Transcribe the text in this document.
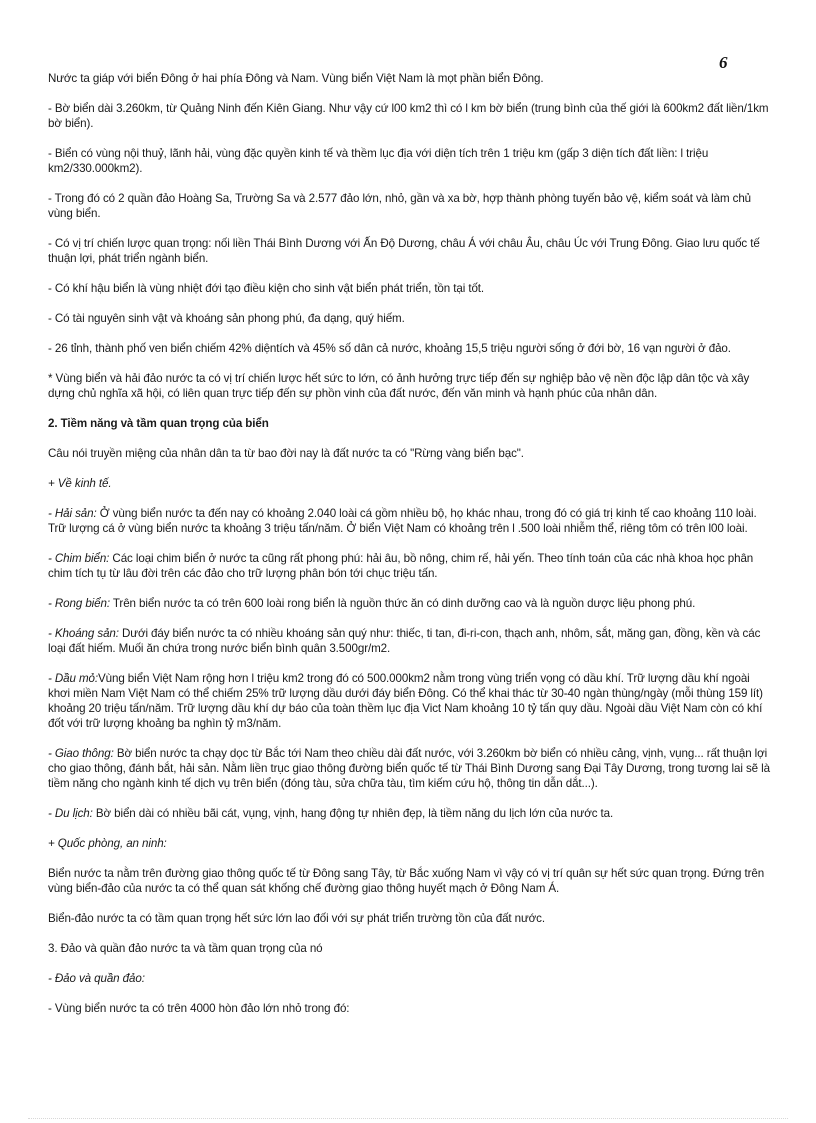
6

Nước ta giáp với biển Đông ở hai phía Đông và Nam. Vùng biển Việt Nam là mọt phần biển Đông.

- Bờ biển dài 3.260km, từ Quảng Ninh đến Kiên Giang. Như vậy cứ l00 km2 thì có l km bờ biển (trung bình của thế giới là 600km2 đất liền/1km bờ biển).

- Biển có vùng nội thuỷ, lãnh hải, vùng đặc quyền kinh tế và thềm lục địa với diện tích trên 1 triệu km (gấp 3 diện tích đất liền: l triệu km2/330.000km2).

- Trong đó có 2 quần đảo Hoàng Sa, Trường Sa và 2.577 đảo lớn, nhỏ, gần và xa bờ, hợp thành phòng tuyến bảo vệ, kiểm soát và làm chủ vùng biển.

- Có vị trí chiến lược quan trọng: nối liền Thái Bình Dương với Ấn Độ Dương, châu Á với châu Âu, châu Úc với Trung Đông. Giao lưu quốc tế thuận lợi, phát triển ngành biển.

- Có khí hậu biển là vùng nhiệt đới tạo điều kiện cho sinh vật biển phát triển, tồn tại tốt.

- Có tài nguyên sinh vật và khoáng sản phong phú, đa dạng, quý hiếm.

- 26 tỉnh, thành phố ven biển chiếm 42% diệntích và 45% số dân cả nước, khoảng 15,5 triệu người sống ở đới bờ, 16 vạn người ở đảo.

* Vùng biển và hải đảo nước ta có vị trí chiến lược hết sức to lớn, có ảnh hưởng trực tiếp đến sự nghiệp bảo vệ nền độc lập dân tộc và xây dựng chủ nghĩa xã hội, có liên quan trực tiếp đến sự phồn vinh của đất nước, đến văn minh và hạnh phúc của nhân dân.

2. Tiềm năng và tầm quan trọng của biển

Câu nói truyền miệng của nhân dân ta từ bao đời nay là đất nước ta có "Rừng vàng biển bạc".

+ Về kinh tế.

- Hải sản: Ở vùng biển nước ta đến nay có khoảng 2.040 loài cá gồm nhiều bộ, họ khác nhau, trong đó có giá trị kinh tế cao khoảng 110 loài. Trữ lượng cá ở vùng biển nước ta khoảng 3 triệu tấn/năm. Ở biển Việt Nam có khoảng trên l .500 loài nhiễm thể, riêng tôm có trên l00 loài.

- Chim biển: Các loại chim biển ở nước ta cũng rất phong phú: hải âu, bồ nông, chim rế, hải yến. Theo tính toán của các nhà khoa học phân chim tích tụ từ lâu đời trên các đảo cho trữ lượng phân bón tới chục triệu tấn.

- Rong biển: Trên biển nước ta có trên 600 loài rong biển là nguồn thức ăn có dinh dưỡng cao và là nguồn dược liệu phong phú.

- Khoáng sản: Dưới đáy biển nước ta có nhiều khoáng sản quý như: thiếc, ti tan, đi-ri-con, thạch anh, nhôm, sắt, măng gan, đồng, kền và các loại đất hiếm. Muối ăn chứa trong nước biển bình quân 3.500gr/m2.

- Dầu mỏ:Vùng biển Việt Nam rộng hơn l triệu km2 trong đó có 500.000km2 nằm trong vùng triển vọng có dầu khí. Trữ lượng dầu khí ngoài khơi miền Nam Việt Nam có thể chiếm 25% trữ lượng dầu dưới đáy biển Đông. Có thể khai thác từ 30-40 ngàn thùng/ngày (mỗi thùng 159 lít) khoảng 20 triệu tấn/năm. Trữ lượng dầu khí dự báo của toàn thềm lục địa Vict Nam khoảng 10 tỷ tấn quy dầu. Ngoài dầu Việt Nam còn có khí đốt với trữ lượng khoảng ba nghìn tỷ m3/năm.

- Giao thông: Bờ biển nước ta chạy dọc từ Bắc tới Nam theo chiều dài đất nước, với 3.260km bờ biển có nhiều cảng, vịnh, vụng... rất thuận lợi cho giao thông, đánh bắt, hải sản. Nằm liền trục giao thông đường biển quốc tế từ Thái Bình Dương sang Đại Tây Dương, trong tương lai sẽ là tiềm năng cho ngành kinh tế dịch vụ trên biển (đóng tàu, sửa chữa tàu, tìm kiếm cứu hộ, thông tin dẫn dắt...).

- Du lịch: Bờ biển dài có nhiều bãi cát, vụng, vịnh, hang động tự nhiên đẹp, là tiềm năng du lịch lớn của nước ta.

+ Quốc phòng, an ninh:

Biển nước ta nằm trên đường giao thông quốc tế từ Đông sang Tây, từ Bắc xuống Nam vì vậy có vị trí quân sự hết sức quan trọng. Đứng trên vùng biển-đảo của nước ta có thể quan sát khống chế đường giao thông huyết mạch ở Đông Nam Á.

Biển-đảo nước ta có tầm quan trọng hết sức lớn lao đối với sự phát triển trường tồn của đất nước.

3. Đảo và quần đảo nước ta và tầm quan trọng của nó

- Đảo và quần đảo:

- Vùng biển nước ta có trên 4000 hòn đảo lớn nhỏ trong đó:
